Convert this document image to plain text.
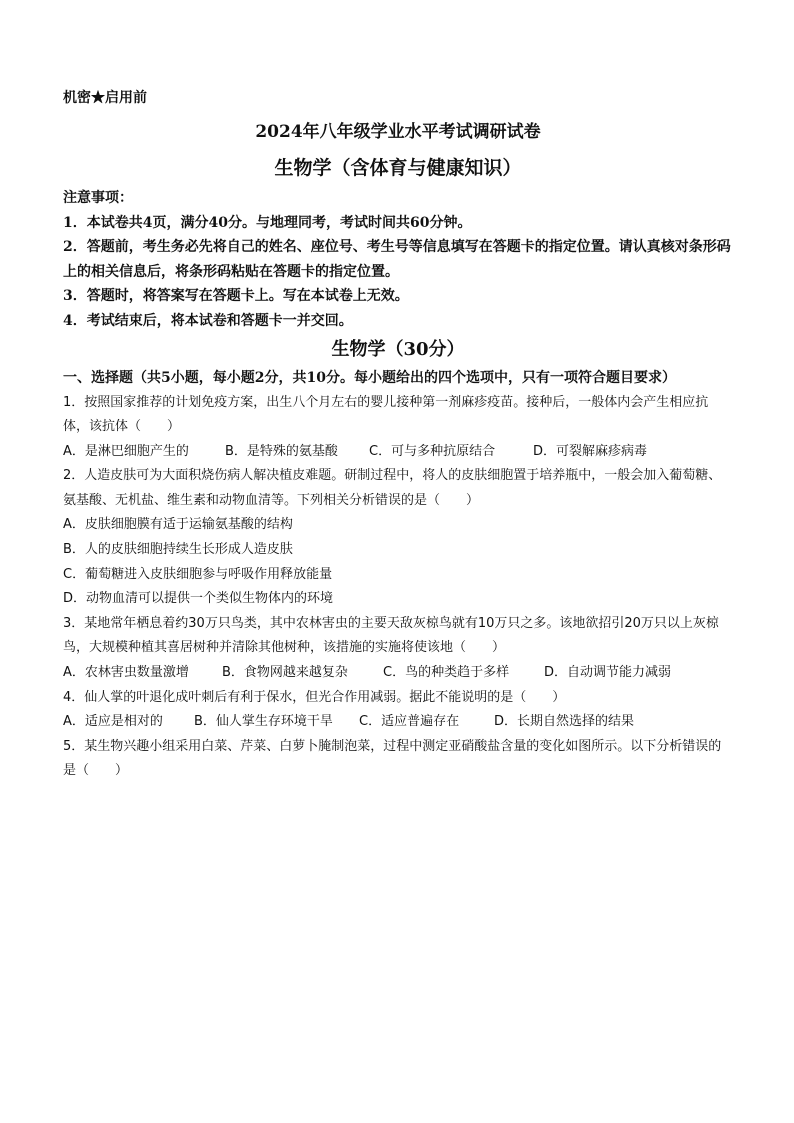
机密★启用前
2024年八年级学业水平考试调研试卷
生物学（含体育与健康知识）
注意事项：
1．本试卷共4页，满分40分。与地理同考，考试时间共60分钟。
2．答题前，考生务必先将自己的姓名、座位号、考生号等信息填写在答题卡的指定位置。请认真核对条形码上的相关信息后，将条形码粘贴在答题卡的指定位置。
3．答题时，将答案写在答题卡上。写在本试卷上无效。
4．考试结束后，将本试卷和答题卡一并交回。
生物学（30分）
一、选择题（共5小题，每小题2分，共10分。每小题给出的四个选项中，只有一项符合题目要求）
1．按照国家推荐的计划免疫方案，出生八个月左右的婴儿接种第一剂麻疹疫苗。接种后，一般体内会产生相应抗体，该抗体（　　）
A．是淋巴细胞产生的	B．是特殊的氨基酸	C．可与多种抗原结合	D．可裂解麻疹病毒
2．人造皮肤可为大面积烧伤病人解决植皮难题。研制过程中，将人的皮肤细胞置于培养瓶中，一般会加入葡萄糖、氨基酸、无机盐、维生素和动物血清等。下列相关分析错误的是（　　）
A．皮肤细胞膜有适于运输氨基酸的结构
B．人的皮肤细胞持续生长形成人造皮肤
C．葡萄糖进入皮肤细胞参与呼吸作用释放能量
D．动物血清可以提供一个类似生物体内的环境
3．某地常年栖息着约30万只鸟类，其中农林害虫的主要天敌灰椋鸟就有10万只之多。该地欲招引20万只以上灰椋鸟，大规模种植其喜居树种并清除其他树种，该措施的实施将使该地（　　）
A．农林害虫数量激增	B．食物网越来越复杂	C．鸟的种类趋于多样	D．自动调节能力减弱
4．仙人掌的叶退化成叶刺后有利于保水，但光合作用减弱。据此不能说明的是（　　）
A．适应是相对的	B．仙人掌生存环境干旱	C．适应普遍存在	D．长期自然选择的结果
5．某生物兴趣小组采用白菜、芹菜、白萝卜腌制泡菜，过程中测定亚硝酸盐含量的变化如图所示。以下分析错误的是（　　）
